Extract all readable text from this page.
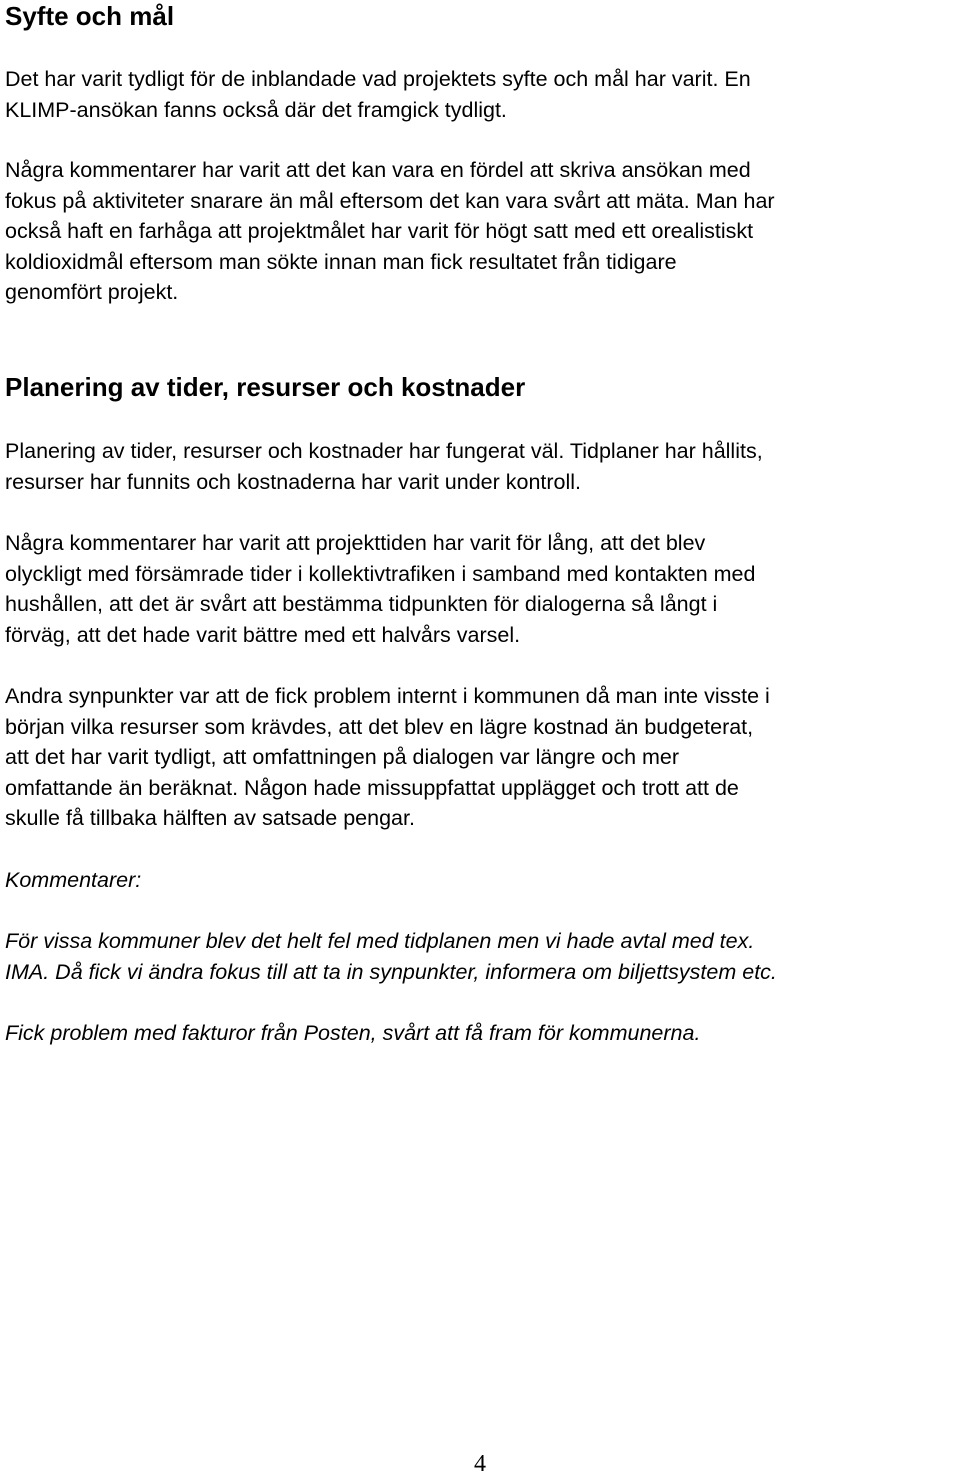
Syfte och mål

Det har varit tydligt för de inblandade vad projektets syfte och mål har varit. En
KLIMP-ansökan fanns också där det framgick tydligt.

Några kommentarer har varit att det kan vara en fördel att skriva ansökan med
fokus på aktiviteter snarare än mål eftersom det kan vara svårt att mäta. Man har
också haft en farhåga att projektmålet har varit för högt satt med ett orealistiskt
koldioxidmål eftersom man sökte innan man fick resultatet från tidigare
genomfört projekt.

Planering av tider, resurser och kostnader

Planering av tider, resurser och kostnader har fungerat väl. Tidplaner har hållits,
resurser har funnits och kostnaderna har varit under kontroll.

Några kommentarer har varit att projekttiden har varit för lång, att det blev
olyckligt med försämrade tider i kollektivtrafiken i samband med kontakten med
hushållen, att det är svårt att bestämma tidpunkten för dialogerna så långt i
förväg, att det hade varit bättre med ett halvårs varsel.

Andra synpunkter var att de fick problem internt i kommunen då man inte visste i
början vilka resurser som krävdes, att det blev en lägre kostnad än budgeterat,
att det har varit tydligt, att omfattningen på dialogen var längre och mer
omfattande än beräknat. Någon hade missuppfattat upplägget och trott att de
skulle få tillbaka hälften av satsade pengar.

Kommentarer:

För vissa kommuner blev det helt fel med tidplanen men vi hade avtal med tex.
IMA. Då fick vi ändra fokus till att ta in synpunkter, informera om biljettsystem etc.

Fick problem med fakturor från Posten, svårt att få fram för kommunerna.

4
